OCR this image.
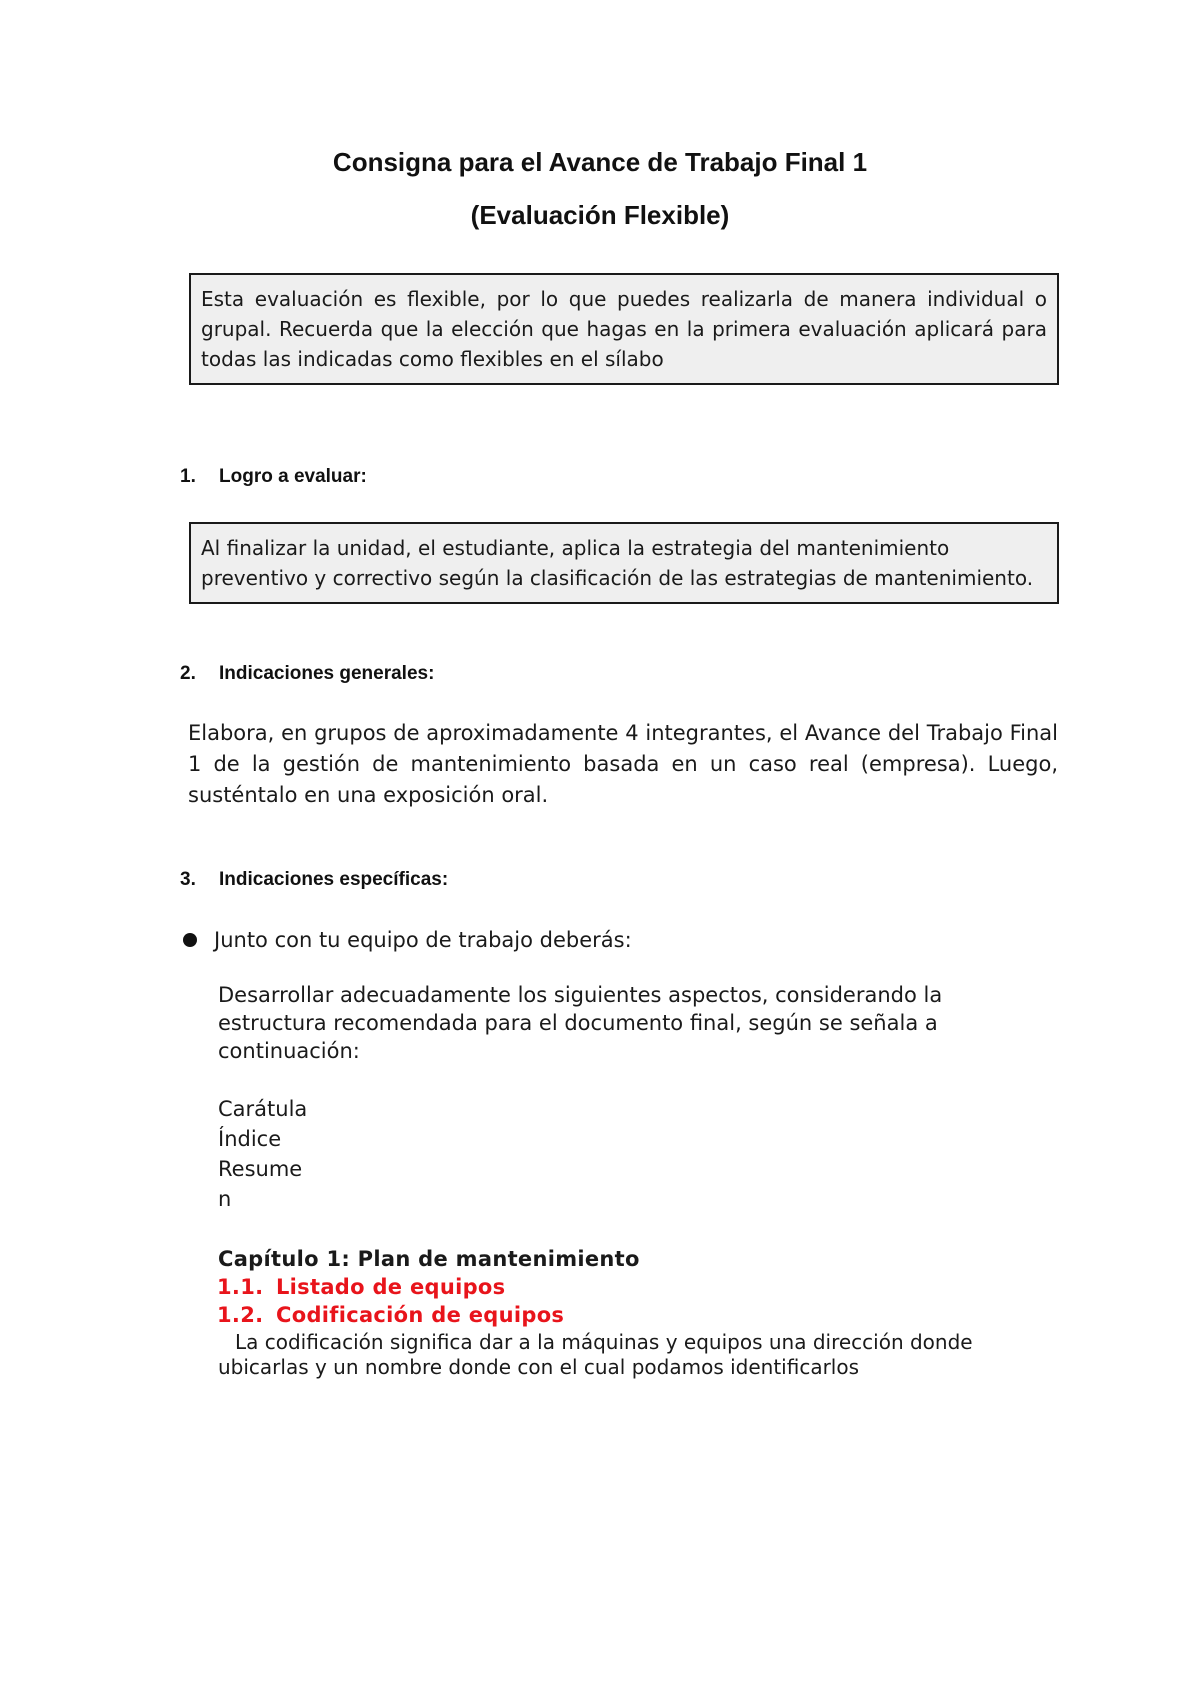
Consigna para el Avance de Trabajo Final 1
(Evaluación Flexible)
Esta evaluación es flexible, por lo que puedes realizarla de manera individual o grupal. Recuerda que la elección que hagas en la primera evaluación aplicará para todas las indicadas como flexibles en el sílabo
1. Logro a evaluar:
Al finalizar la unidad, el estudiante, aplica la estrategia del mantenimiento preventivo y correctivo según la clasificación de las estrategias de mantenimiento.
2. Indicaciones generales:
Elabora, en grupos de aproximadamente 4 integrantes, el Avance del Trabajo Final 1 de la gestión de mantenimiento basada en un caso real (empresa). Luego, susténtalo en una exposición oral.
3. Indicaciones específicas:
Junto con tu equipo de trabajo deberás:
Desarrollar adecuadamente los siguientes aspectos, considerando la estructura recomendada para el documento final, según se señala a continuación:
Carátula
Índice
Resume
n
Capítulo 1: Plan de mantenimiento
1.1. Listado de equipos
1.2. Codificación de equipos
La codificación significa dar a la máquinas y equipos una dirección donde ubicarlas y un nombre donde con el cual podamos identificarlos
